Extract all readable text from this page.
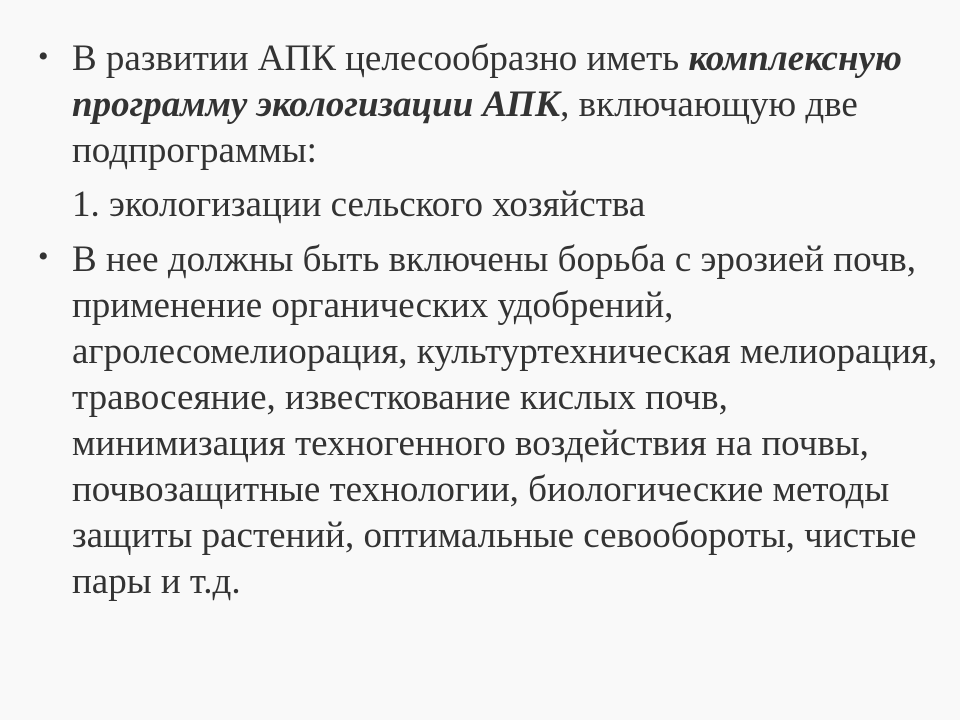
• В развитии АПК целесообразно иметь комплексную программу экологизации АПК, включающую две подпрограммы:

1. экологизации сельского хозяйства

• В нее должны быть включены борьба с эрозией почв, применение органических удобрений, агролесомелиорация, культуртехническая мелиорация, травосеяние, известкование кислых почв, минимизация техногенного воздействия на почвы, почвозащитные технологии, биологические методы защиты растений, оптимальные севообороты, чистые пары и т.д.
